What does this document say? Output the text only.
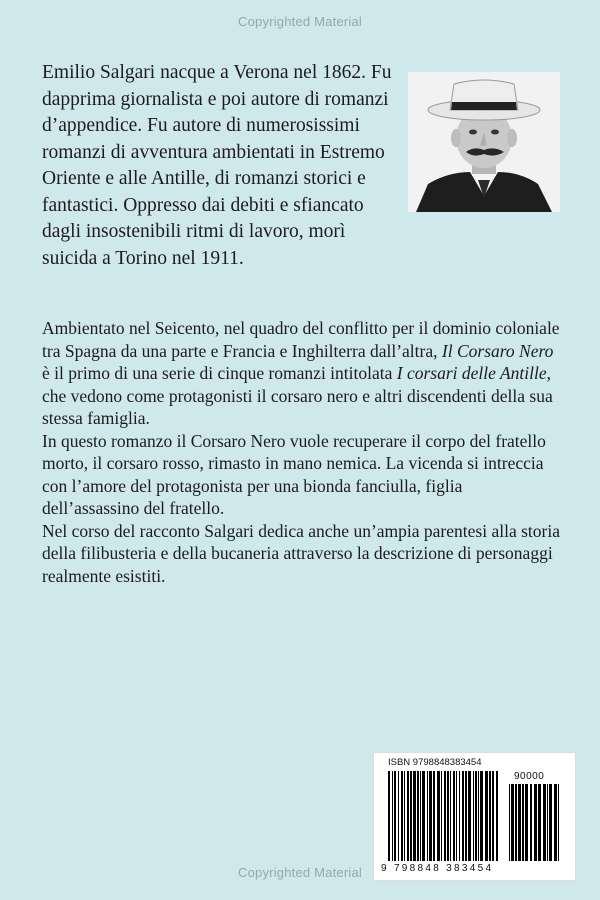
Copyrighted Material

Emilio Salgari nacque a Verona nel 1862. Fu dapprima giornalista e poi autore di romanzi d’appendice. Fu autore di numerosissimi romanzi di avventura ambientati in Estremo Oriente e alle Antille, di romanzi storici e fantastici. Oppresso dai debiti e sfiancato dagli insostenibili ritmi di lavoro, morì suicida a Torino nel 1911.

Ambientato nel Seicento, nel quadro del conflitto per il dominio coloniale tra Spagna da una parte e Francia e Inghilterra dall’altra, Il Corsaro Nero è il primo di una serie di cinque romanzi intitolata I corsari delle Antille, che vedono come protagonisti il corsaro nero e altri discendenti della sua stessa famiglia.

In questo romanzo il Corsaro Nero vuole recuperare il corpo del fratello morto, il corsaro rosso, rimasto in mano nemica. La vicenda si intreccia con l’amore del protagonista per una bionda fanciulla, figlia dell’assassino del fratello.

Nel corso del racconto Salgari dedica anche un’ampia parentesi alla storia della filibusteria e della bucaneria attraverso la descrizione di personaggi realmente esistiti.

ISBN 9798848383454
90000
9 798848 383454
Copyrighted Material
